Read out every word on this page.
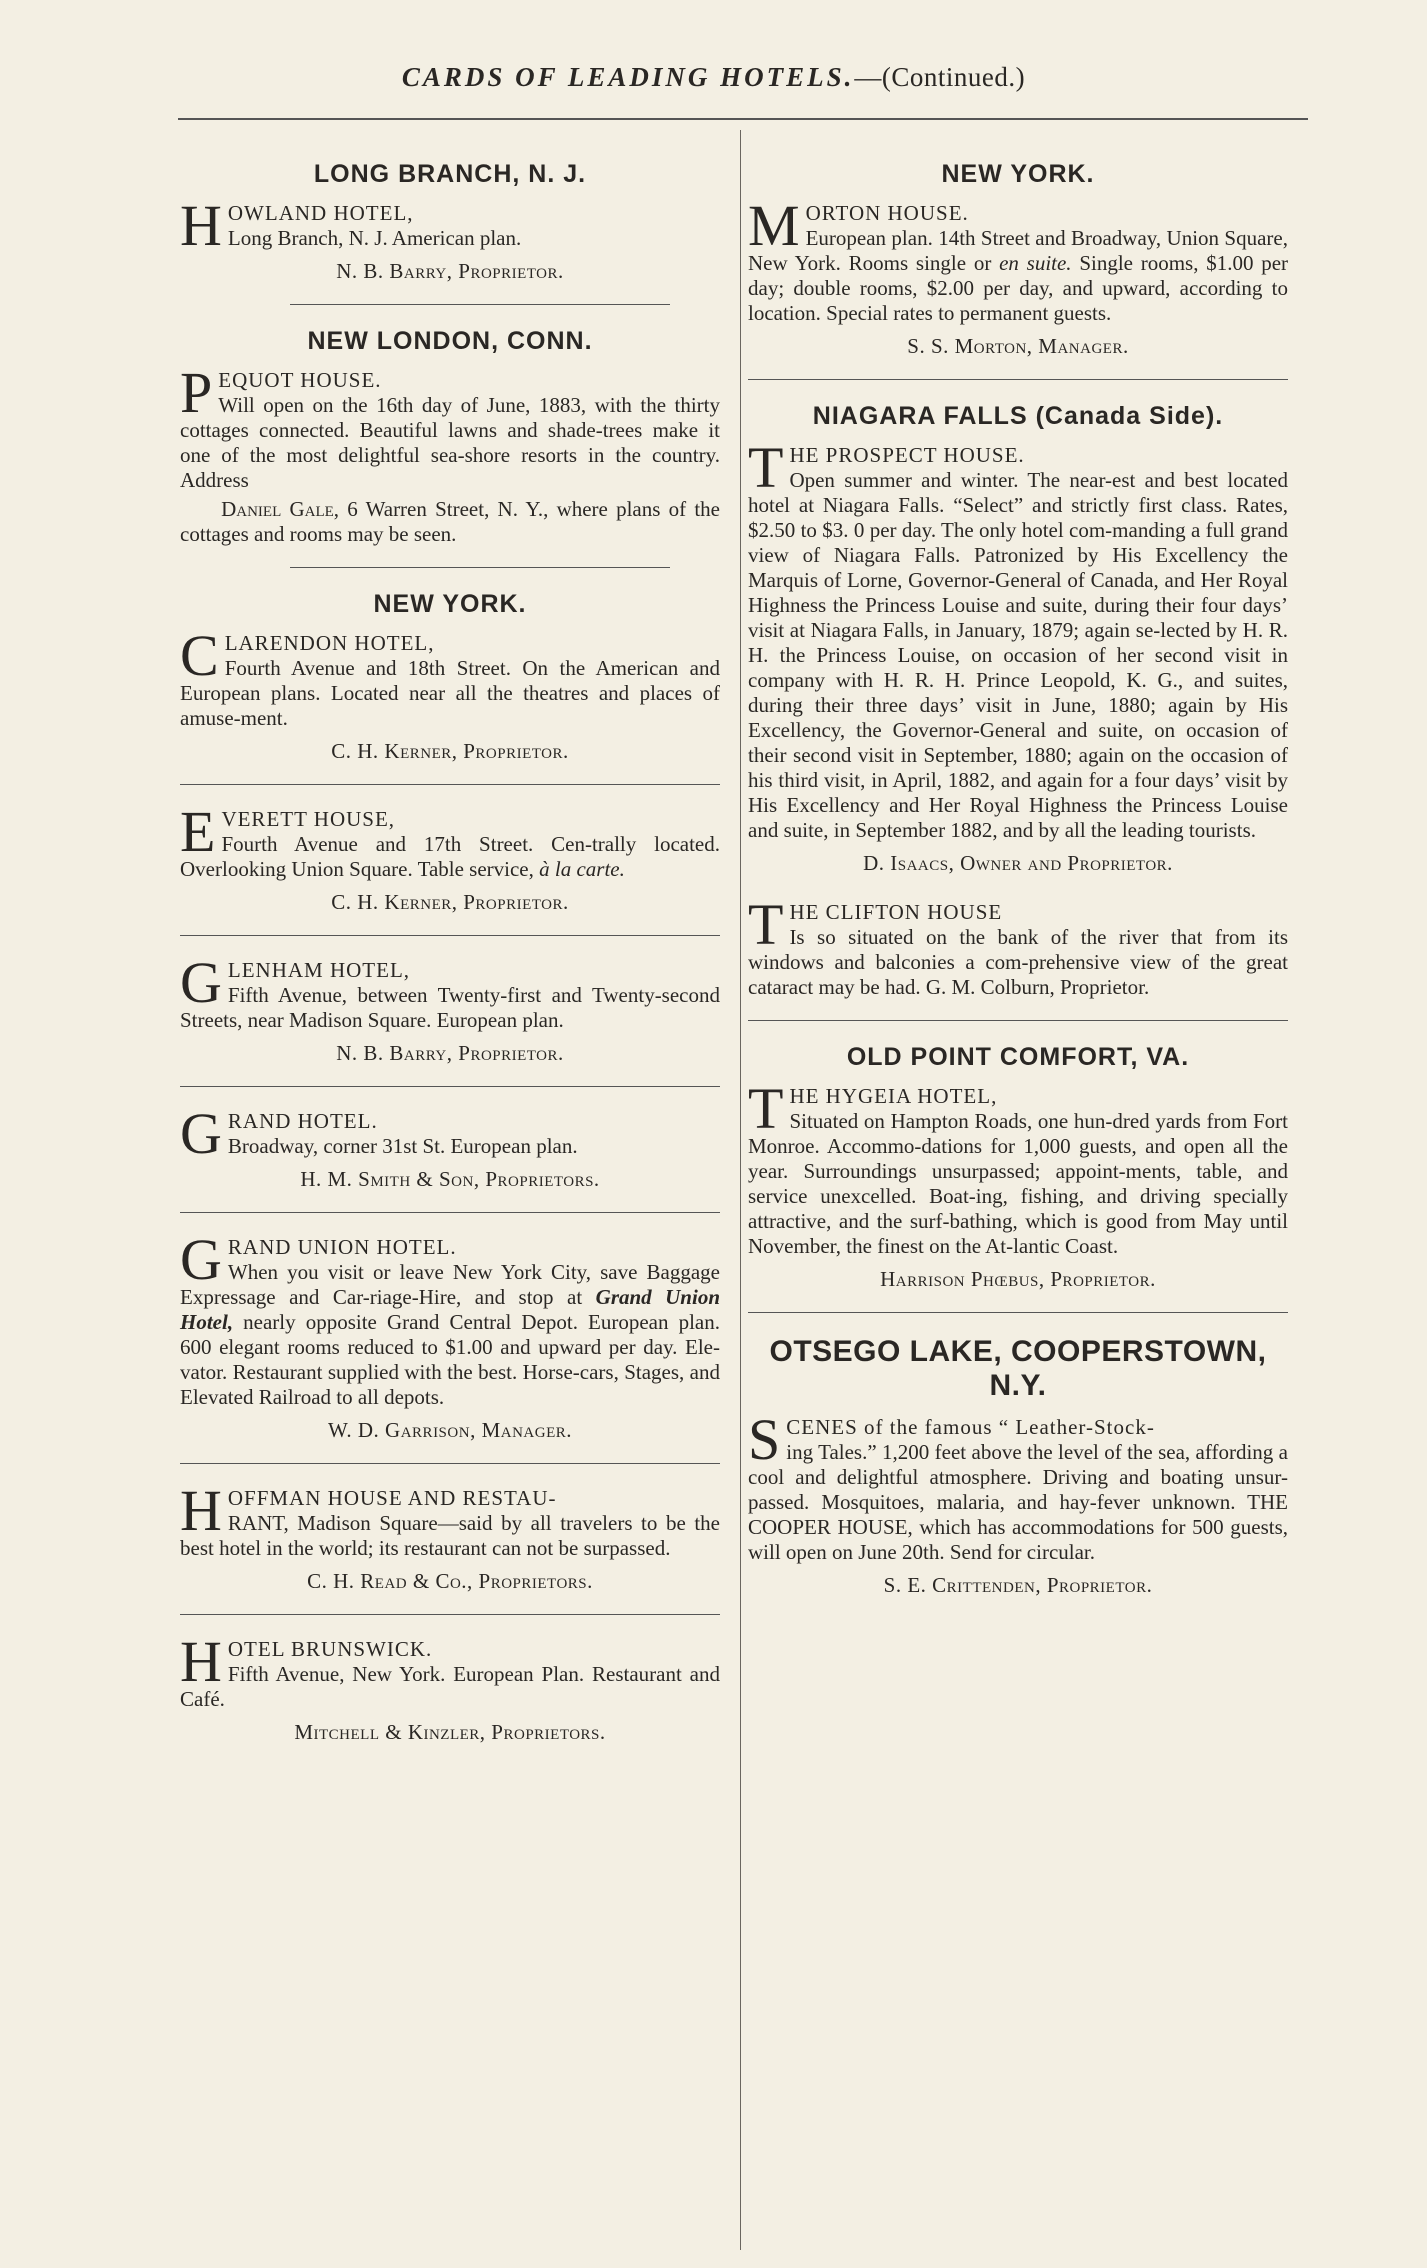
CARDS OF LEADING HOTELS.—(Continued.)
LONG BRANCH, N. J.
H OWLAND HOTEL,
Long Branch, N. J. American plan.
N. B. Barry, Proprietor.
NEW LONDON, CONN.
P EQUOT HOUSE.
Will open on the 16th day of June, 1883, with the thirty cottages connected. Beautiful lawns and shade-trees make it one of the most delightful sea-shore resorts in the country. Address
Daniel Gale, 6 Warren Street, N. Y., where plans of the cottages and rooms may be seen.
NEW YORK.
C LARENDON HOTEL,
Fourth Avenue and 18th Street. On the American and European plans. Located near all the theatres and places of amuse-ment.
C. H. Kerner, Proprietor.
E VERETT HOUSE,
Fourth Avenue and 17th Street. Cen-trally located. Overlooking Union Square. Table service, à la carte.
C. H. Kerner, Proprietor.
G LENHAM HOTEL,
Fifth Avenue, between Twenty-first and Twenty-second Streets, near Madison Square. European plan.
N. B. Barry, Proprietor.
G RAND HOTEL.
Broadway, corner 31st St. European plan.
H. M. Smith & Son, Proprietors.
G RAND UNION HOTEL.
When you visit or leave New York City, save Baggage Expressage and Car-riage-Hire, and stop at Grand Union Hotel, nearly opposite Grand Central Depot. European plan. 600 elegant rooms reduced to $1.00 and upward per day. Ele-vator. Restaurant supplied with the best. Horse-cars, Stages, and Elevated Railroad to all depots.
W. D. Garrison, Manager.
H OFFMAN HOUSE AND RESTAU-
RANT, Madison Square—said by all travelers to be the best hotel in the world; its restaurant can not be surpassed.
C. H. Read & Co., Proprietors.
H OTEL BRUNSWICK.
Fifth Avenue, New York. European Plan. Restaurant and Café.
Mitchell & Kinzler, Proprietors.
NEW YORK.
M ORTON HOUSE.
European plan. 14th Street and Broadway, Union Square, New York. Rooms single or en suite. Single rooms, $1.00 per day; double rooms, $2.00 per day, and upward, according to location. Special rates to permanent guests.
S. S. Morton, Manager.
NIAGARA FALLS (Canada Side).
T HE PROSPECT HOUSE.
Open summer and winter. The near-est and best located hotel at Niagara Falls. “Select” and strictly first class. Rates, $2.50 to $3. 0 per day. The only hotel com-manding a full grand view of Niagara Falls. Patronized by His Excellency the Marquis of Lorne, Governor-General of Canada, and Her Royal Highness the Princess Louise and suite, during their four days’ visit at Niagara Falls, in January, 1879; again se-lected by H. R. H. the Princess Louise, on occasion of her second visit in company with H. R. H. Prince Leopold, K. G., and suites, during their three days’ visit in June, 1880; again by His Excellency, the Governor-General and suite, on occasion of their second visit in September, 1880; again on the occasion of his third visit, in April, 1882, and again for a four days’ visit by His Excellency and Her Royal Highness the Princess Louise and suite, in September 1882, and by all the leading tourists.
D. Isaacs, Owner and Proprietor.
T HE CLIFTON HOUSE
Is so situated on the bank of the river that from its windows and balconies a com-prehensive view of the great cataract may be had. G. M. Colburn, Proprietor.
OLD POINT COMFORT, VA.
T HE HYGEIA HOTEL,
Situated on Hampton Roads, one hun-dred yards from Fort Monroe. Accommo-dations for 1,000 guests, and open all the year. Surroundings unsurpassed; appoint-ments, table, and service unexcelled. Boat-ing, fishing, and driving specially attractive, and the surf-bathing, which is good from May until November, the finest on the At-lantic Coast.
Harrison Phœbus, Proprietor.
OTSEGO LAKE, COOPERSTOWN, N.Y.
S CENES of the famous “ Leather-Stock-
ing Tales.” 1,200 feet above the level of the sea, affording a cool and delightful atmosphere. Driving and boating unsur-passed. Mosquitoes, malaria, and hay-fever unknown. THE COOPER HOUSE, which has accommodations for 500 guests, will open on June 20th. Send for circular.
S. E. Crittenden, Proprietor.
